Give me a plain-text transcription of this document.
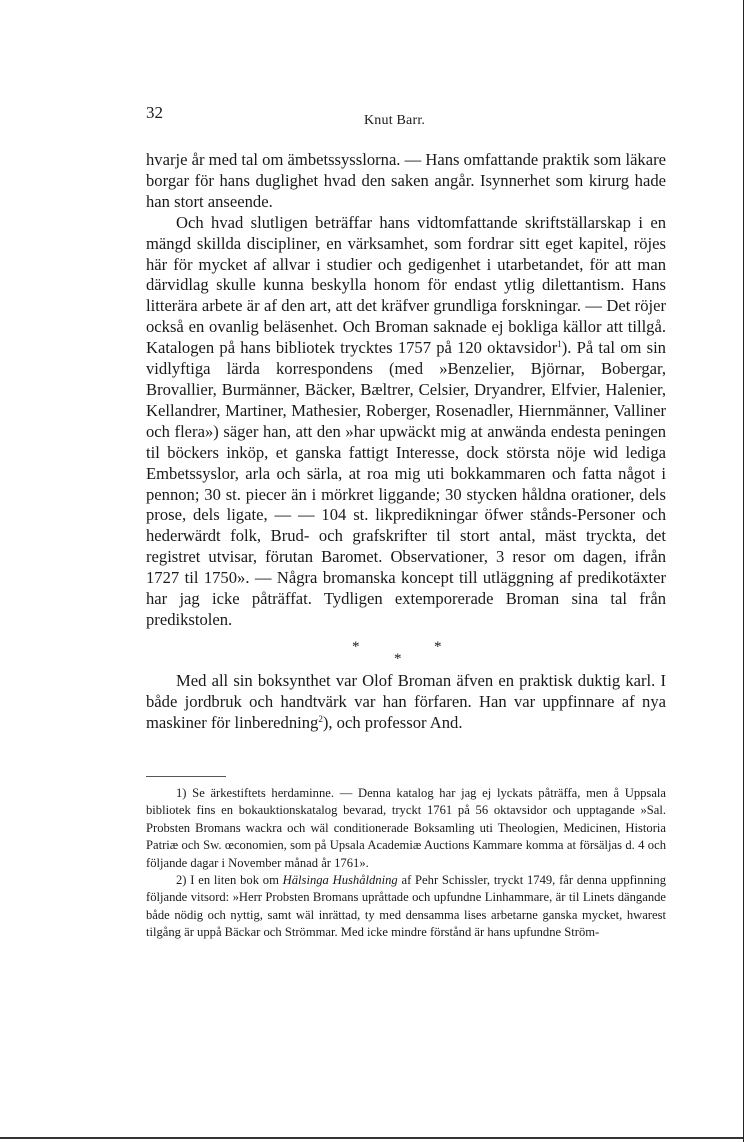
32	Knut Barr.

hvarje år med tal om ämbetssysslorna. — Hans omfattande praktik som läkare borgar för hans duglighet hvad den saken angår. Isynnerhet som kirurg hade han stort anseende.

Och hvad slutligen beträffar hans vidtomfattande skriftställarskap i en mängd skillda discipliner, en värksamhet, som fordrar sitt eget kapitel, röjes här för mycket af allvar i studier och gedigenhet i utarbetandet, för att man därvidlag skulle kunna beskylla honom för endast ytlig dilettantism. Hans litterära arbete är af den art, att det kräfver grundliga forskningar. — Det röjer också en ovanlig beläsenhet. Och Broman saknade ej bokliga källor att tillgå. Katalogen på hans bibliotek trycktes 1757 på 120 oktavsidor$^1$). På tal om sin vidlyftiga lärda korrespondens (med »Benzelier, Björnar, Bobergar, Brovallier, Burmänner, Bäcker, Bæltrer, Celsier, Dryandrer, Elfvier, Halenier, Kellandrer, Martiner, Mathesier, Roberger, Rosenadler, Hiernmänner, Valliner och flera») säger han, att den »har upwäckt mig at anwända endesta peningen til böckers inköp, et ganska fattigt Interesse, dock största nöje wid lediga Embetssyslor, arla och särla, at roa mig uti bokkammaren och fatta något i pennon; 30 st. piecer än i mörkret liggande; 30 stycken håldna orationer, dels prose, dels ligate, — — 104 st. likpredikningar öfwer stånds-Personer och hederwärdt folk, Brud- och grafskrifter til stort antal, mäst tryckta, det registret utvisar, förutan Baromet. Observationer, 3 resor om dagen, ifrån 1727 til 1750». — Några bromanska koncept till utläggning af predikotäxter har jag icke påträffat. Tydligen extemporerade Broman sina tal från predikstolen.

*
*
*

Med all sin boksynthet var Olof Broman äfven en praktisk duktig karl. I både jordbruk och handtvärk var han förfaren. Han var uppfinnare af nya maskiner för linberedning$^2$), och professor And.

1) Se ärkestiftets herdaminne. — Denna katalog har jag ej lyckats påträffa, men å Uppsala bibliotek fins en bokauktionskatalog bevarad, tryckt 1761 på 56 oktavsidor och upptagande »Sal. Probsten Bromans wackra och wäl conditionerade Boksamling uti Theologien, Medicinen, Historia Patriæ och Sw. œconomien, som på Upsala Academiæ Auctions Kammare komma at försäljas d. 4 och följande dagar i November månad år 1761».

2) I en liten bok om Hälsinga Hushåldning af Pehr Schissler, tryckt 1749, får denna uppfinning följande vitsord: »Herr Probsten Bromans upråttade och upfundne Linhammare, är til Linets dängande både nödig och nyttig, samt wäl inrättad, ty med densamma lises arbetarne ganska mycket, hwarest tilgång är uppå Bäckar och Strömmar. Med icke mindre förstånd är hans upfundne Ström-
